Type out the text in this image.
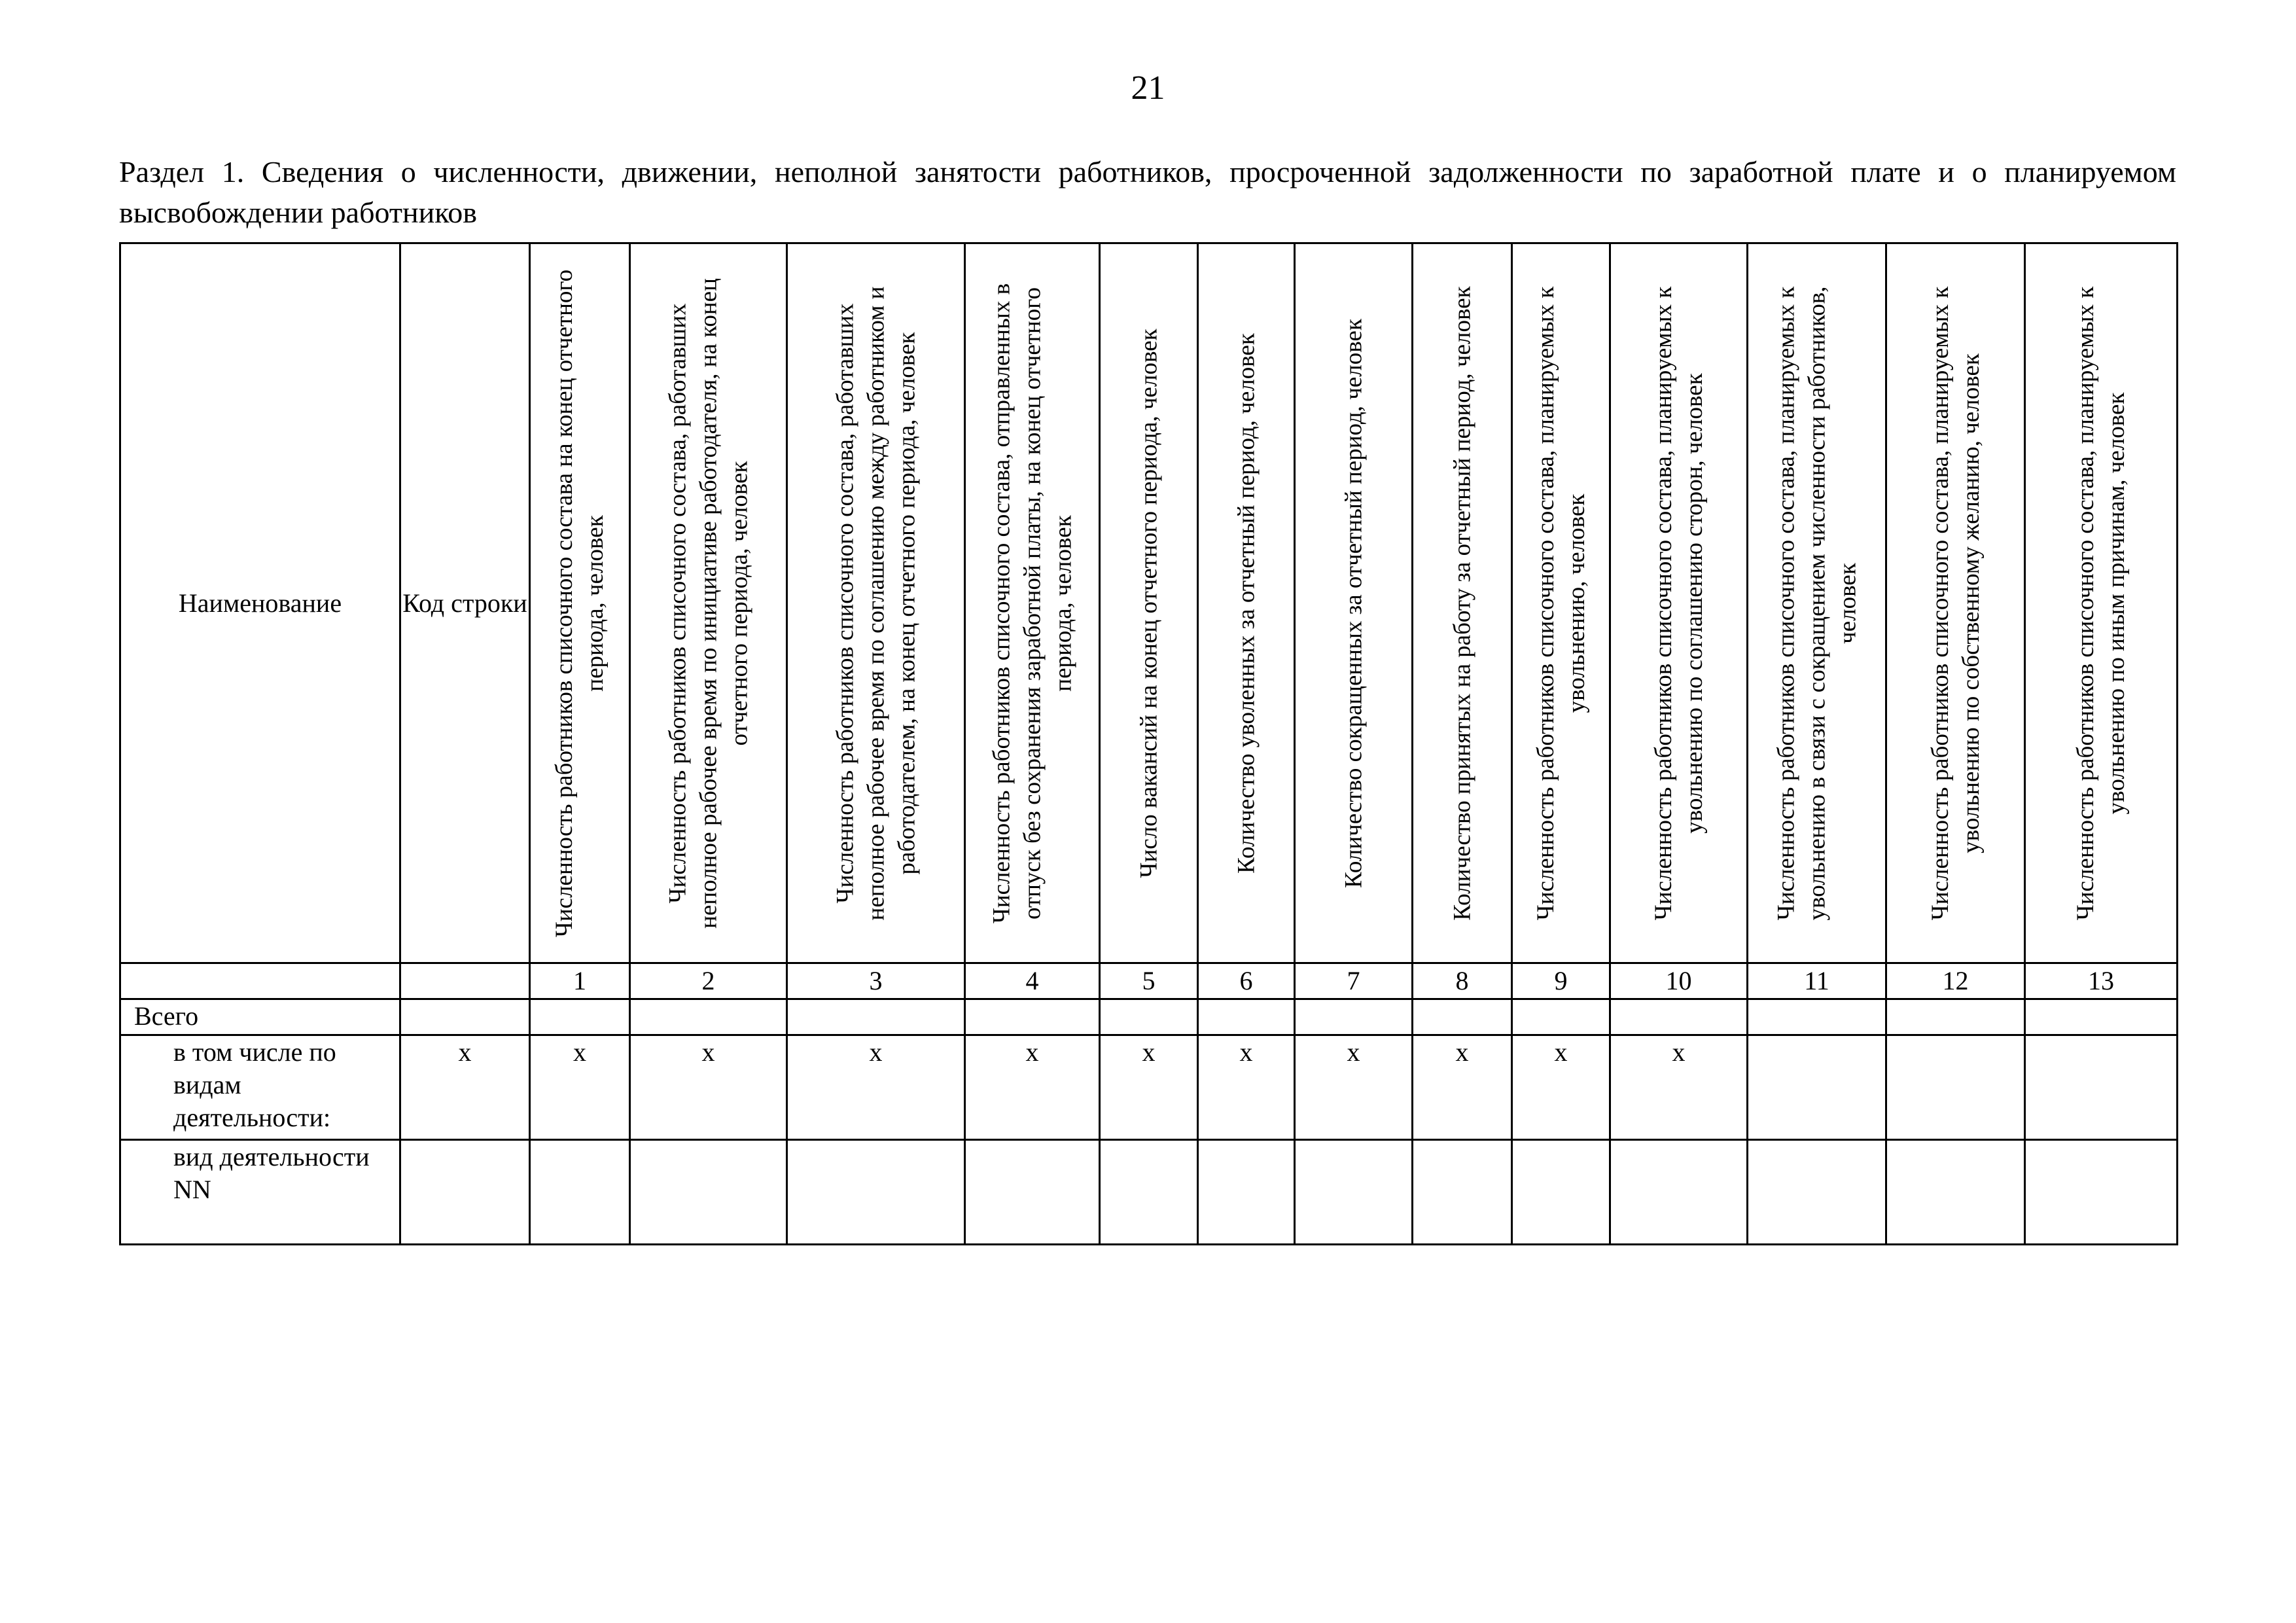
21
Раздел 1. Сведения о численности, движении, неполной занятости работников, просроченной задолженности по заработной плате и о планируемом высвобождении работников
Наименование	Код строки	Численность работников списочного состава на конец отчетного периода, человек	Численность работников списочного состава, работавших неполное рабочее время по инициативе работодателя, на конец отчетного периода, человек	Численность работников списочного состава, работавших неполное рабочее время по соглашению между работником и работодателем, на конец отчетного периода, человек	Численность работников списочного состава, отправленных в отпуск без сохранения заработной платы, на конец отчетного периода, человек	Число вакансий на конец отчетного периода, человек	Количество уволенных за отчетный период, человек	Количество сокращенных за отчетный период, человек	Количество принятых на работу за отчетный период, человек	Численность работников списочного состава, планируемых к увольнению, человек	Численность работников списочного состава, планируемых к увольнению по соглашению сторон, человек	Численность работников списочного состава, планируемых к увольнению в связи с сокращением численности работников, человек	Численность работников списочного состава, планируемых к увольнению по собственному желанию, человек	Численность работников списочного состава, планируемых к увольнению по иным причинам, человек

		1	2	3	4	5	6	7	8	9	10	11	12	13
Всего														
в том числе по видам деятельности:	x	x	x	x	x	x	x	x	x	x	x			
вид деятельности NN														
